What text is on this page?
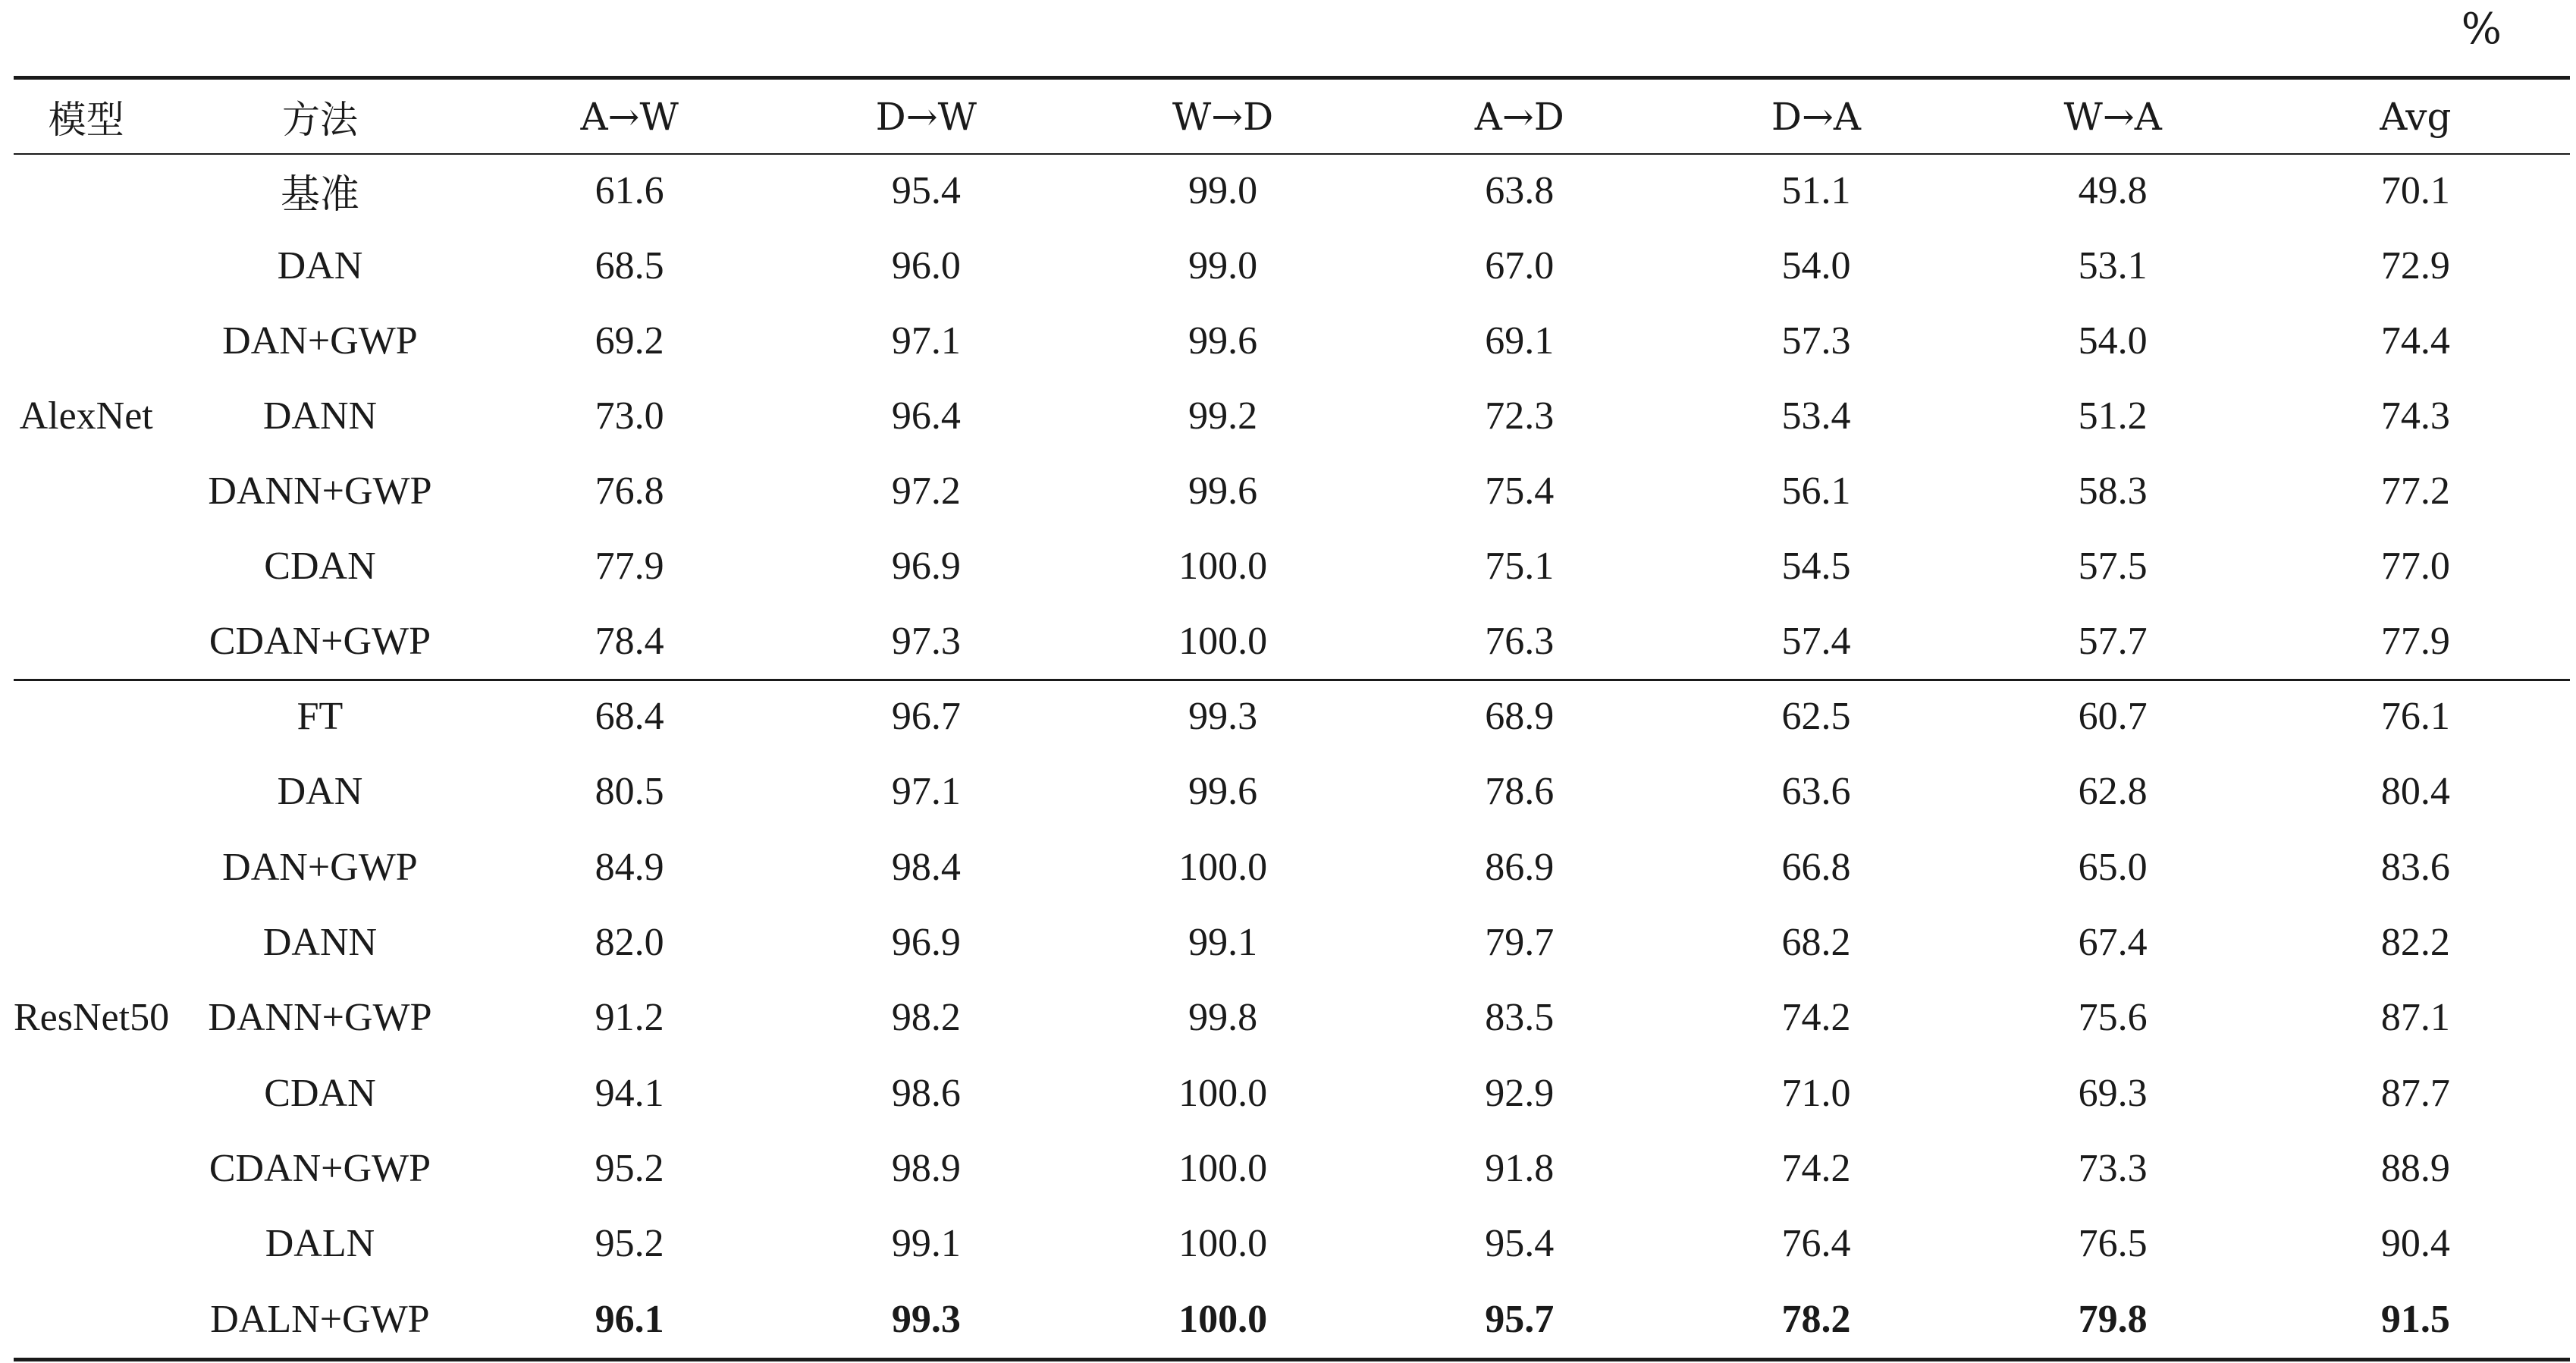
%
模型	方法	A→W	D→W	W→D	A→D	D→A	W→A	Avg
AlexNet	基准	61.6	95.4	99.0	63.8	51.1	49.8	70.1
	DAN	68.5	96.0	99.0	67.0	54.0	53.1	72.9
	DAN+GWP	69.2	97.1	99.6	69.1	57.3	54.0	74.4
	DANN	73.0	96.4	99.2	72.3	53.4	51.2	74.3
	DANN+GWP	76.8	97.2	99.6	75.4	56.1	58.3	77.2
	CDAN	77.9	96.9	100.0	75.1	54.5	57.5	77.0
	CDAN+GWP	78.4	97.3	100.0	76.3	57.4	57.7	77.9
ResNet50	FT	68.4	96.7	99.3	68.9	62.5	60.7	76.1
	DAN	80.5	97.1	99.6	78.6	63.6	62.8	80.4
	DAN+GWP	84.9	98.4	100.0	86.9	66.8	65.0	83.6
	DANN	82.0	96.9	99.1	79.7	68.2	67.4	82.2
	DANN+GWP	91.2	98.2	99.8	83.5	74.2	75.6	87.1
	CDAN	94.1	98.6	100.0	92.9	71.0	69.3	87.7
	CDAN+GWP	95.2	98.9	100.0	91.8	74.2	73.3	88.9
	DALN	95.2	99.1	100.0	95.4	76.4	76.5	90.4
	DALN+GWP	96.1	99.3	100.0	95.7	78.2	79.8	91.5
